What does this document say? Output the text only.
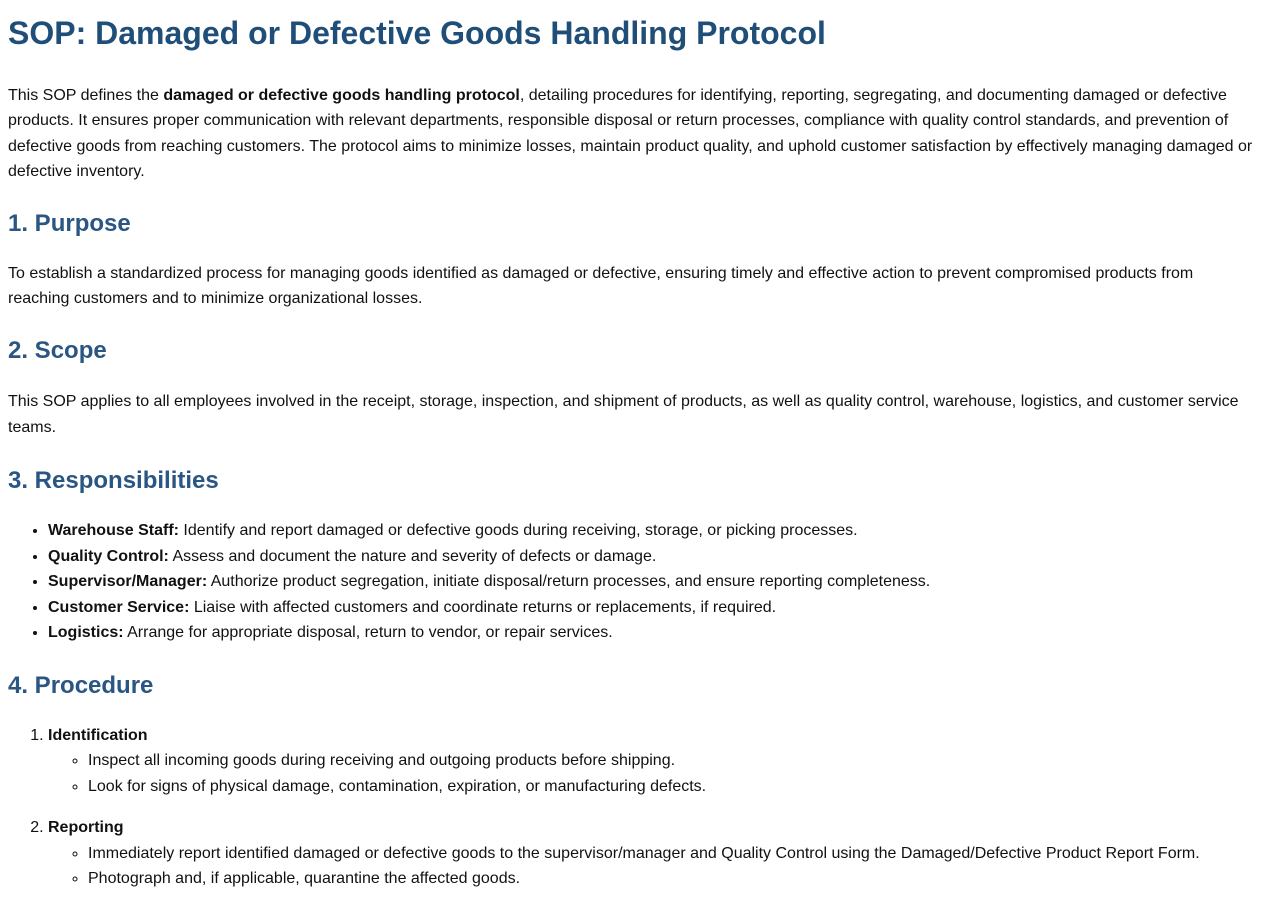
SOP: Damaged or Defective Goods Handling Protocol

This SOP defines the damaged or defective goods handling protocol, detailing procedures for identifying, reporting, segregating, and documenting damaged or defective products. It ensures proper communication with relevant departments, responsible disposal or return processes, compliance with quality control standards, and prevention of defective goods from reaching customers. The protocol aims to minimize losses, maintain product quality, and uphold customer satisfaction by effectively managing damaged or defective inventory.

1. Purpose

To establish a standardized process for managing goods identified as damaged or defective, ensuring timely and effective action to prevent compromised products from reaching customers and to minimize organizational losses.

2. Scope

This SOP applies to all employees involved in the receipt, storage, inspection, and shipment of products, as well as quality control, warehouse, logistics, and customer service teams.

3. Responsibilities
• Warehouse Staff: Identify and report damaged or defective goods during receiving, storage, or picking processes.
• Quality Control: Assess and document the nature and severity of defects or damage.
• Supervisor/Manager: Authorize product segregation, initiate disposal/return processes, and ensure reporting completeness.
• Customer Service: Liaise with affected customers and coordinate returns or replacements, if required.
• Logistics: Arrange for appropriate disposal, return to vendor, or repair services.
4. Procedure
1. Identification
◦ Inspect all incoming goods during receiving and outgoing products before shipping.
◦ Look for signs of physical damage, contamination, expiration, or manufacturing defects.
2. Reporting
◦ Immediately report identified damaged or defective goods to the supervisor/manager and Quality Control using the Damaged/Defective Product Report Form.
◦ Photograph and, if applicable, quarantine the affected goods.
